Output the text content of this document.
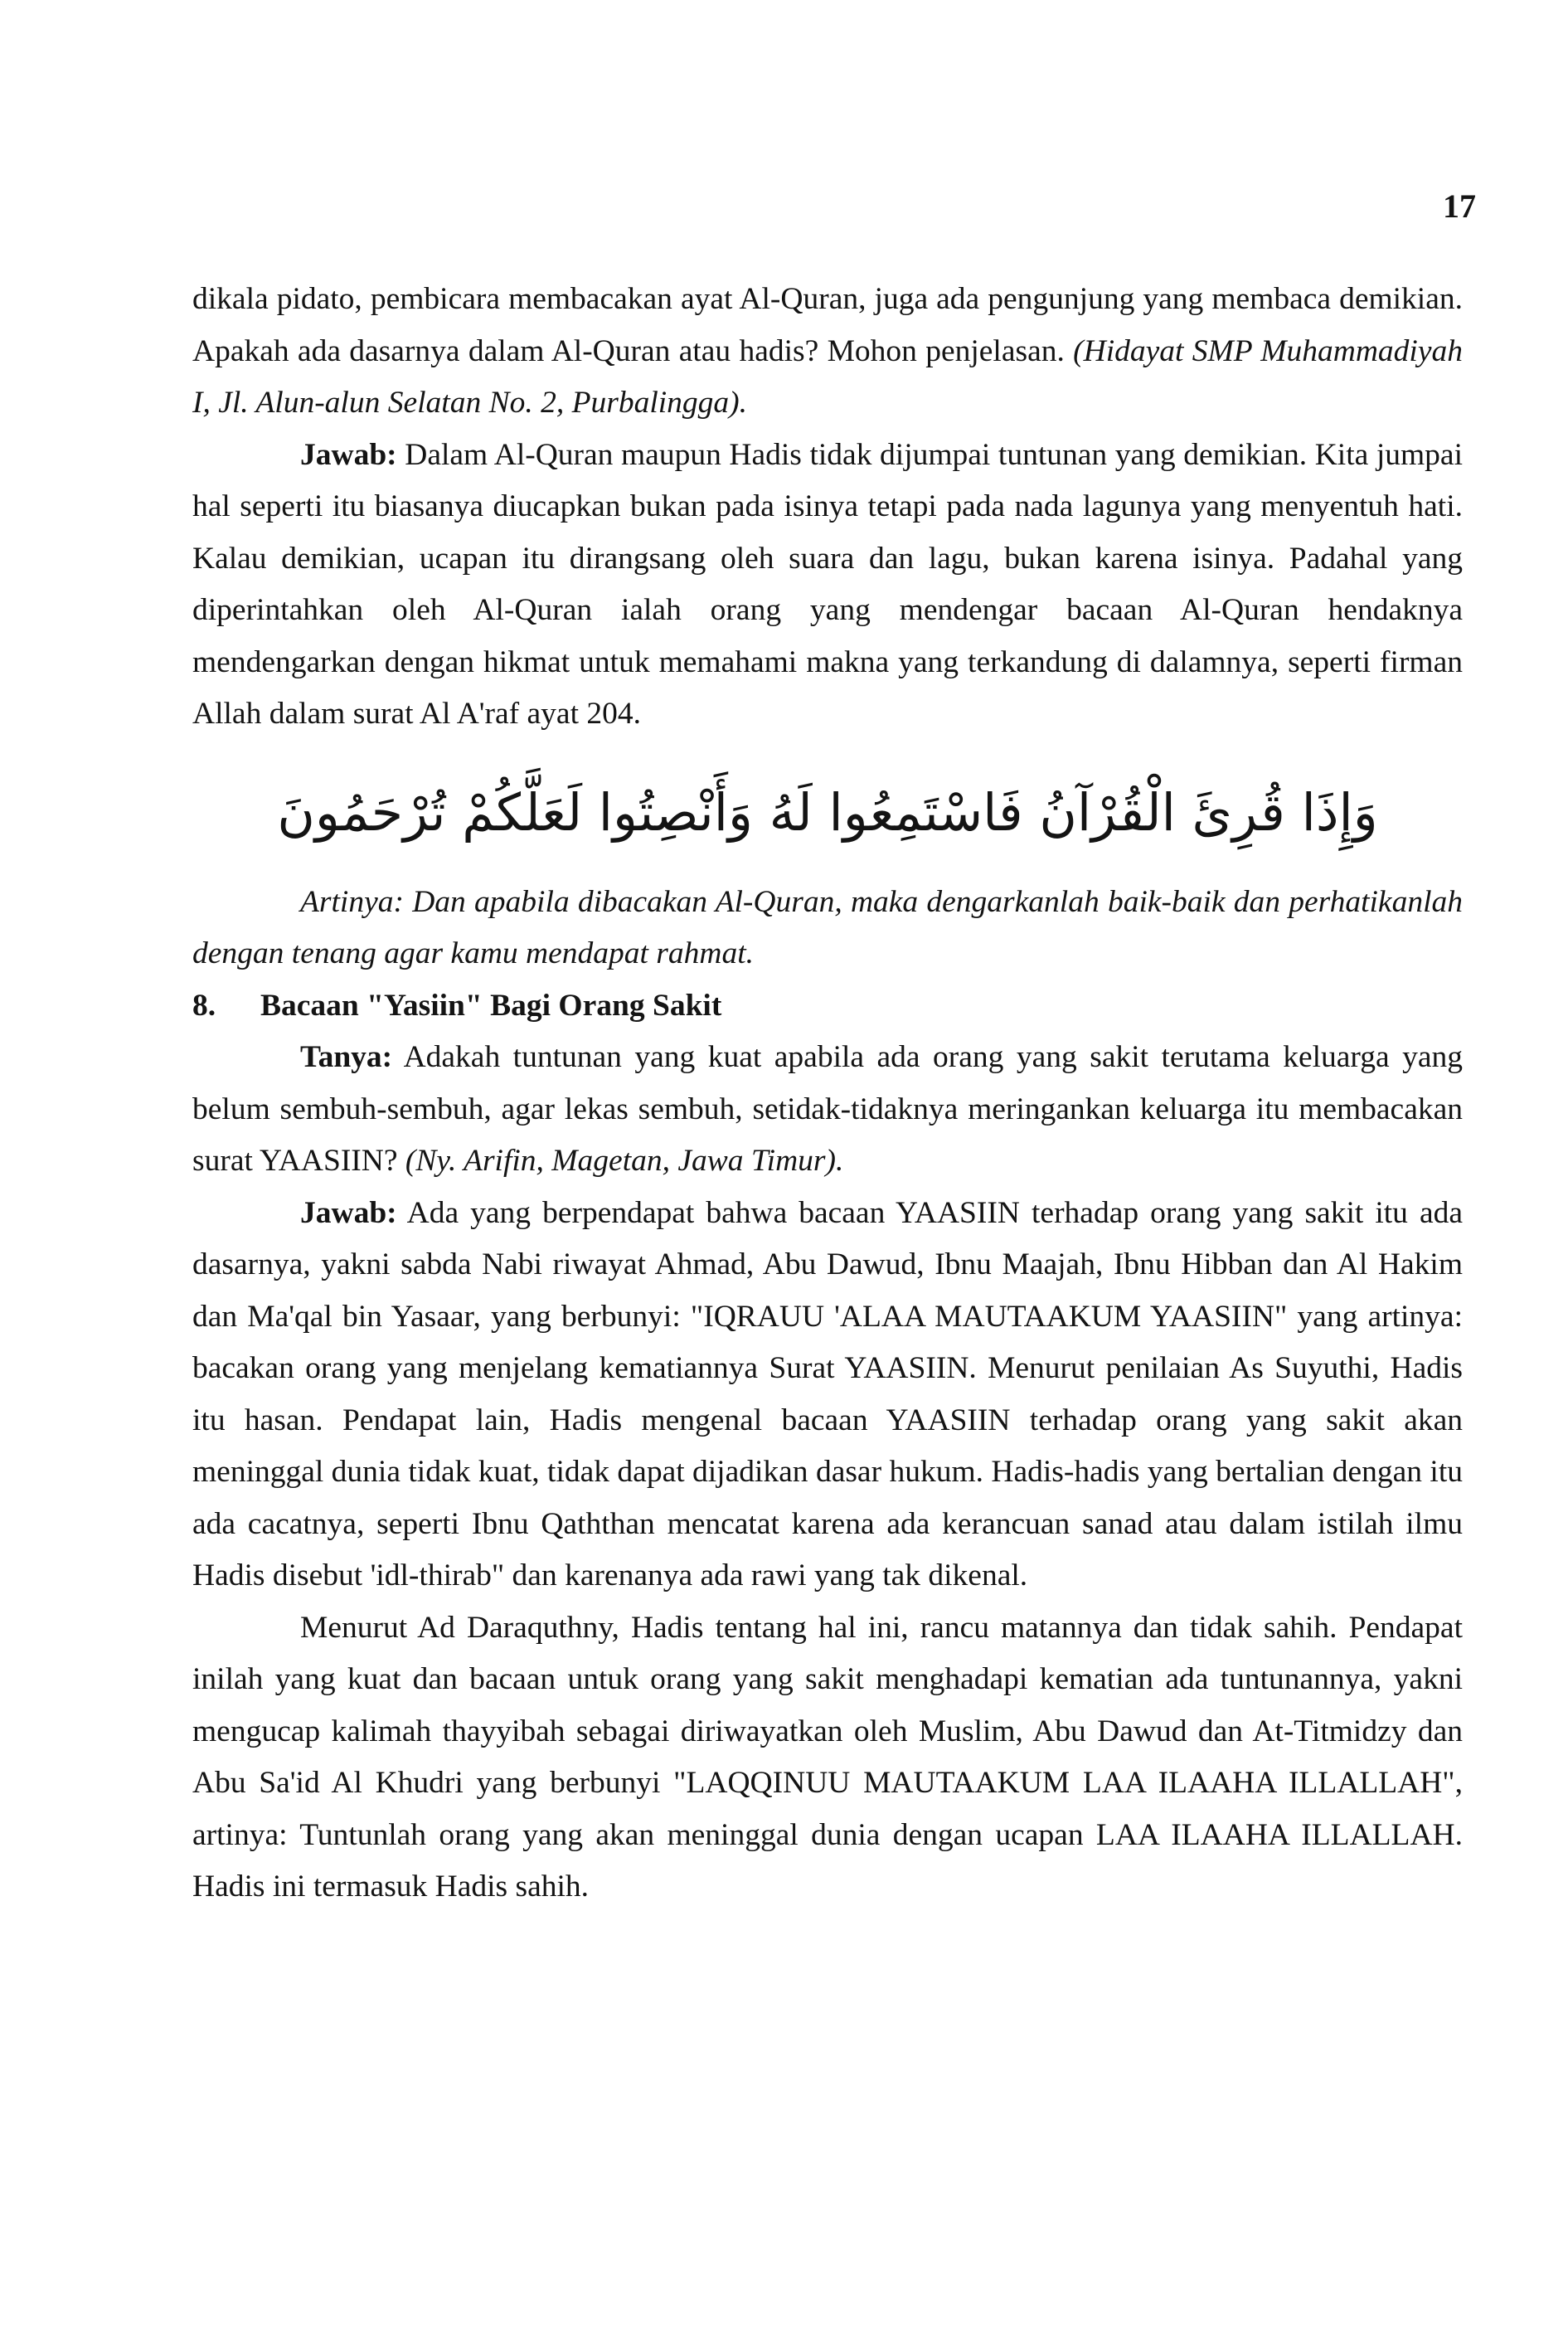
17

dikala pidato, pembicara membacakan ayat Al-Quran, juga ada pengunjung yang membaca demikian. Apakah ada dasarnya dalam Al-Quran atau hadis? Mohon penjelasan. (Hidayat SMP Muhammadiyah I, Jl. Alun-alun Selatan No. 2, Purbalingga).

Jawab: Dalam Al-Quran maupun Hadis tidak dijumpai tuntunan yang demikian. Kita jumpai hal seperti itu biasanya diucapkan bukan pada isinya tetapi pada nada lagunya yang menyentuh hati. Kalau demikian, ucapan itu dirangsang oleh suara dan lagu, bukan karena isinya. Padahal yang diperintahkan oleh Al-Quran ialah orang yang mendengar bacaan Al-Quran hendaknya mendengarkan dengan hikmat untuk memahami makna yang terkandung di dalamnya, seperti firman Allah dalam surat Al A'raf ayat 204.

وَإِذَا قُرِئَ الْقُرْآنُ فَاسْتَمِعُوا لَهُ وَأَنْصِتُوا لَعَلَّكُمْ تُرْحَمُونَ

Artinya: Dan apabila dibacakan Al-Quran, maka dengarkanlah baik-baik dan perhatikanlah dengan tenang agar kamu mendapat rahmat.

8.	Bacaan "Yasiin" Bagi Orang Sakit

Tanya: Adakah tuntunan yang kuat apabila ada orang yang sakit terutama keluarga yang belum sembuh-sembuh, agar lekas sembuh, setidak-tidaknya meringankan keluarga itu membacakan surat YAASIIN? (Ny. Arifin, Magetan, Jawa Timur).

Jawab: Ada yang berpendapat bahwa bacaan YAASIIN terhadap orang yang sakit itu ada dasarnya, yakni sabda Nabi riwayat Ahmad, Abu Dawud, Ibnu Maajah, Ibnu Hibban dan Al Hakim dan Ma'qal bin Yasaar, yang berbunyi: "IQRAUU 'ALAA MAUTAAKUM YAASIIN" yang artinya: bacakan orang yang menjelang kematiannya Surat YAASIIN. Menurut penilaian As Suyuthi, Hadis itu hasan. Pendapat lain, Hadis mengenal bacaan YAASIIN terhadap orang yang sakit akan meninggal dunia tidak kuat, tidak dapat dijadikan dasar hukum. Hadis-hadis yang bertalian dengan itu ada cacatnya, seperti Ibnu Qaththan mencatat karena ada kerancuan sanad atau dalam istilah ilmu Hadis disebut 'idl-thirab" dan karenanya ada rawi yang tak dikenal.

Menurut Ad Daraquthny, Hadis tentang hal ini, rancu matannya dan tidak sahih. Pendapat inilah yang kuat dan bacaan untuk orang yang sakit menghadapi kematian ada tuntunannya, yakni mengucap kalimah thayyibah sebagai diriwayatkan oleh Muslim, Abu Dawud dan At-Titmidzy dan Abu Sa'id Al Khudri yang berbunyi "LAQQINUU MAUTAAKUM LAA ILAAHA ILLALLAH", artinya: Tuntunlah orang yang akan meninggal dunia dengan ucapan LAA ILAAHA ILLALLAH. Hadis ini termasuk Hadis sahih.
